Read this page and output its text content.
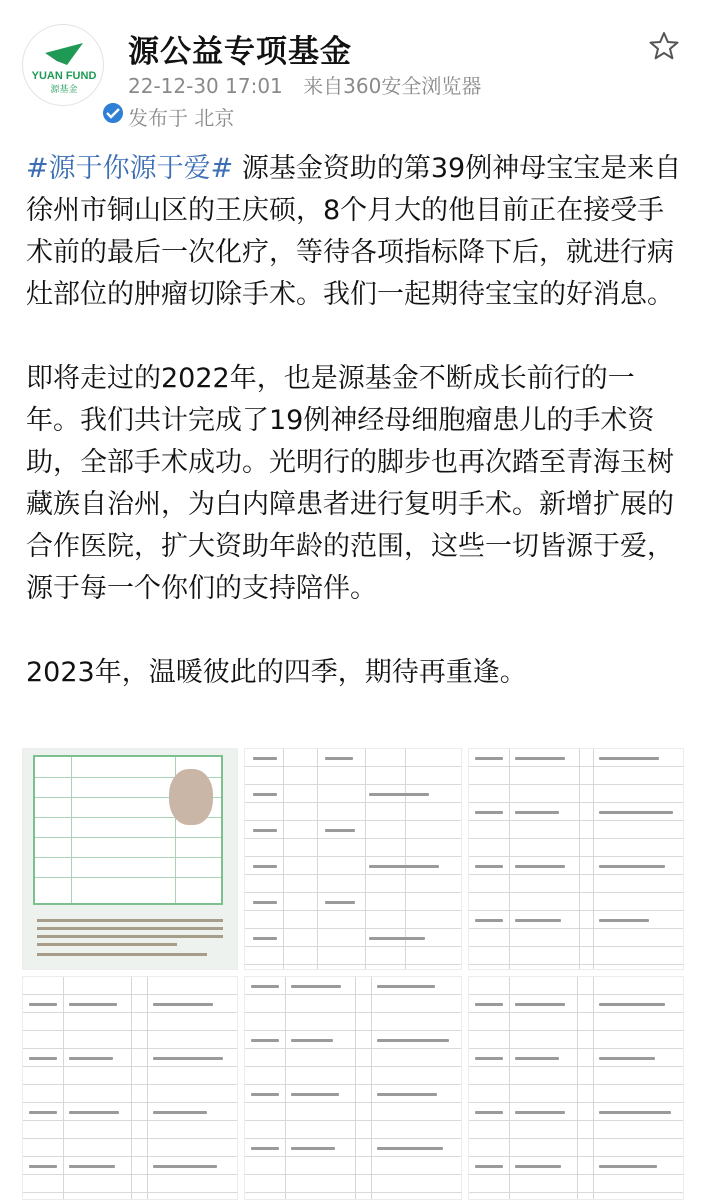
YUAN FUND
源基金
源公益专项基金
22-12-30 17:01 来自360安全浏览器
发布于 北京

#源于你源于爱# 源基金资助的第39例神母宝宝是来自徐州市铜山区的王庆硕，8个月大的他目前正在接受手术前的最后一次化疗，等待各项指标降下后，就进行病灶部位的肿瘤切除手术。我们一起期待宝宝的好消息。

即将走过的2022年，也是源基金不断成长前行的一年。我们共计完成了19例神经母细胞瘤患儿的手术资助，全部手术成功。光明行的脚步也再次踏至青海玉树藏族自治州，为白内障患者进行复明手术。新增扩展的合作医院，扩大资助年龄的范围，这些一切皆源于爱，源于每一个你们的支持陪伴。

2023年，温暖彼此的四季，期待再重逢。
